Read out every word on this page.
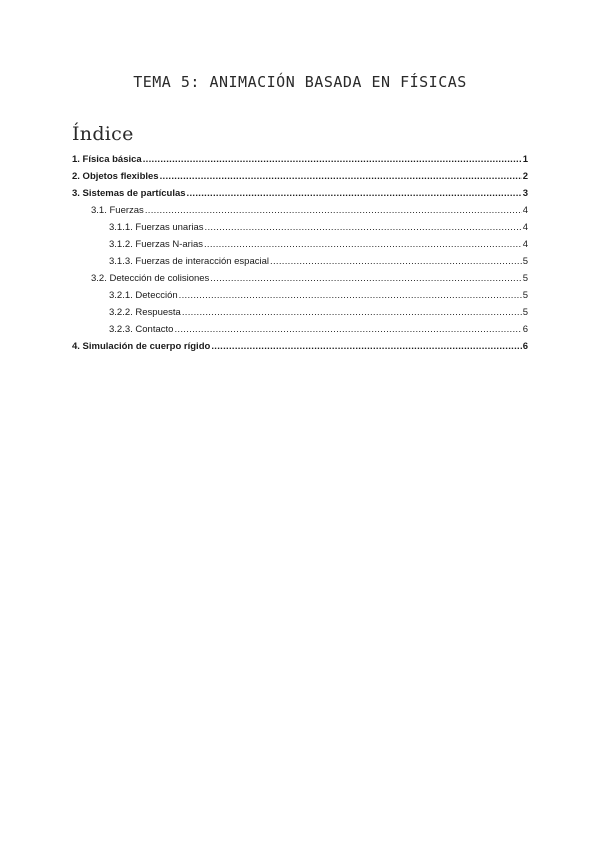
TEMA 5: ANIMACIÓN BASADA EN FÍSICAS
Índice
1. Física básica .....	1
2. Objetos flexibles .....	2
3. Sistemas de partículas .....	3
3.1. Fuerzas .....	4
3.1.1. Fuerzas unarias .....	4
3.1.2. Fuerzas N-arias .....	4
3.1.3. Fuerzas de interacción espacial .....	5
3.2. Detección de colisiones .....	5
3.2.1. Detección .....	5
3.2.2. Respuesta .....	5
3.2.3. Contacto .....	6
4. Simulación de cuerpo rígido .....	6
